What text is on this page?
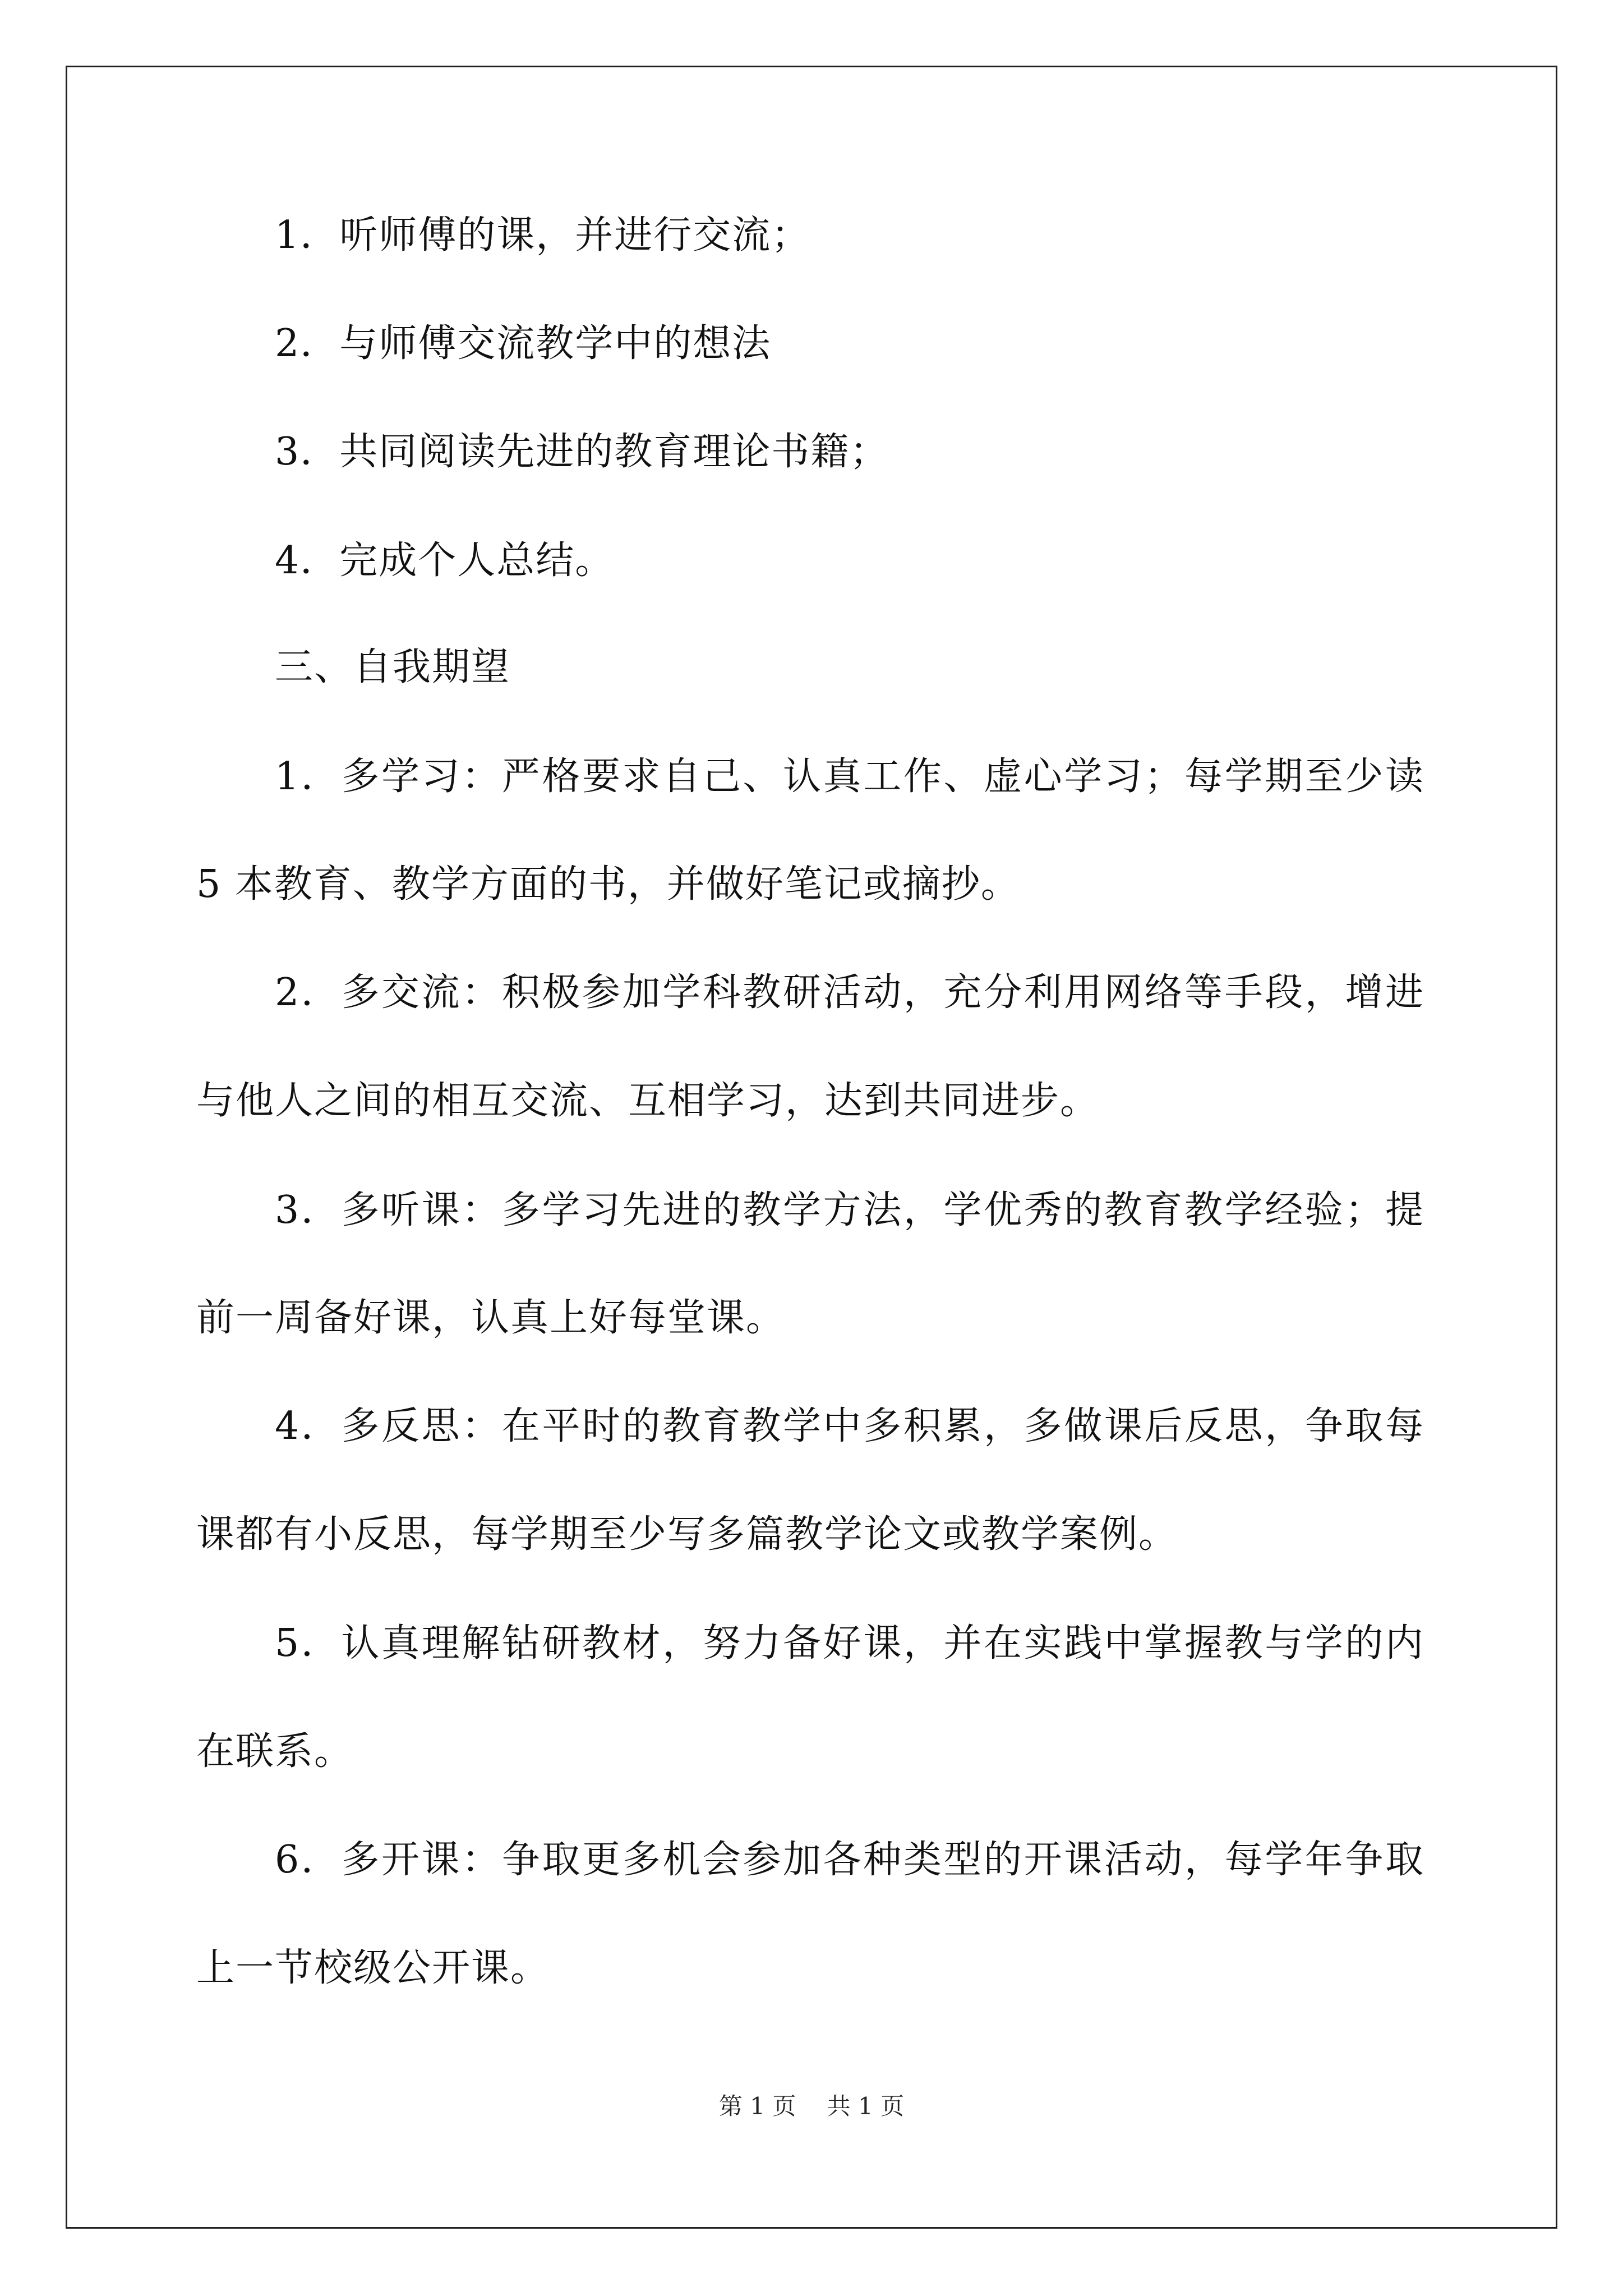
1．听师傅的课，并进行交流；
2．与师傅交流教学中的想法
3．共同阅读先进的教育理论书籍；
4．完成个人总结。
三、自我期望
1．多学习：严格要求自己、认真工作、虚心学习；每学期至少读
5 本教育、教学方面的书，并做好笔记或摘抄。
2．多交流：积极参加学科教研活动，充分利用网络等手段，增进
与他人之间的相互交流、互相学习，达到共同进步。
3．多听课：多学习先进的教学方法，学优秀的教育教学经验；提
前一周备好课，认真上好每堂课。
4．多反思：在平时的教育教学中多积累，多做课后反思，争取每
课都有小反思，每学期至少写多篇教学论文或教学案例。
5．认真理解钻研教材，努力备好课，并在实践中掌握教与学的内
在联系。
6．多开课：争取更多机会参加各种类型的开课活动，每学年争取
上一节校级公开课。
第 1 页　 共 1 页
